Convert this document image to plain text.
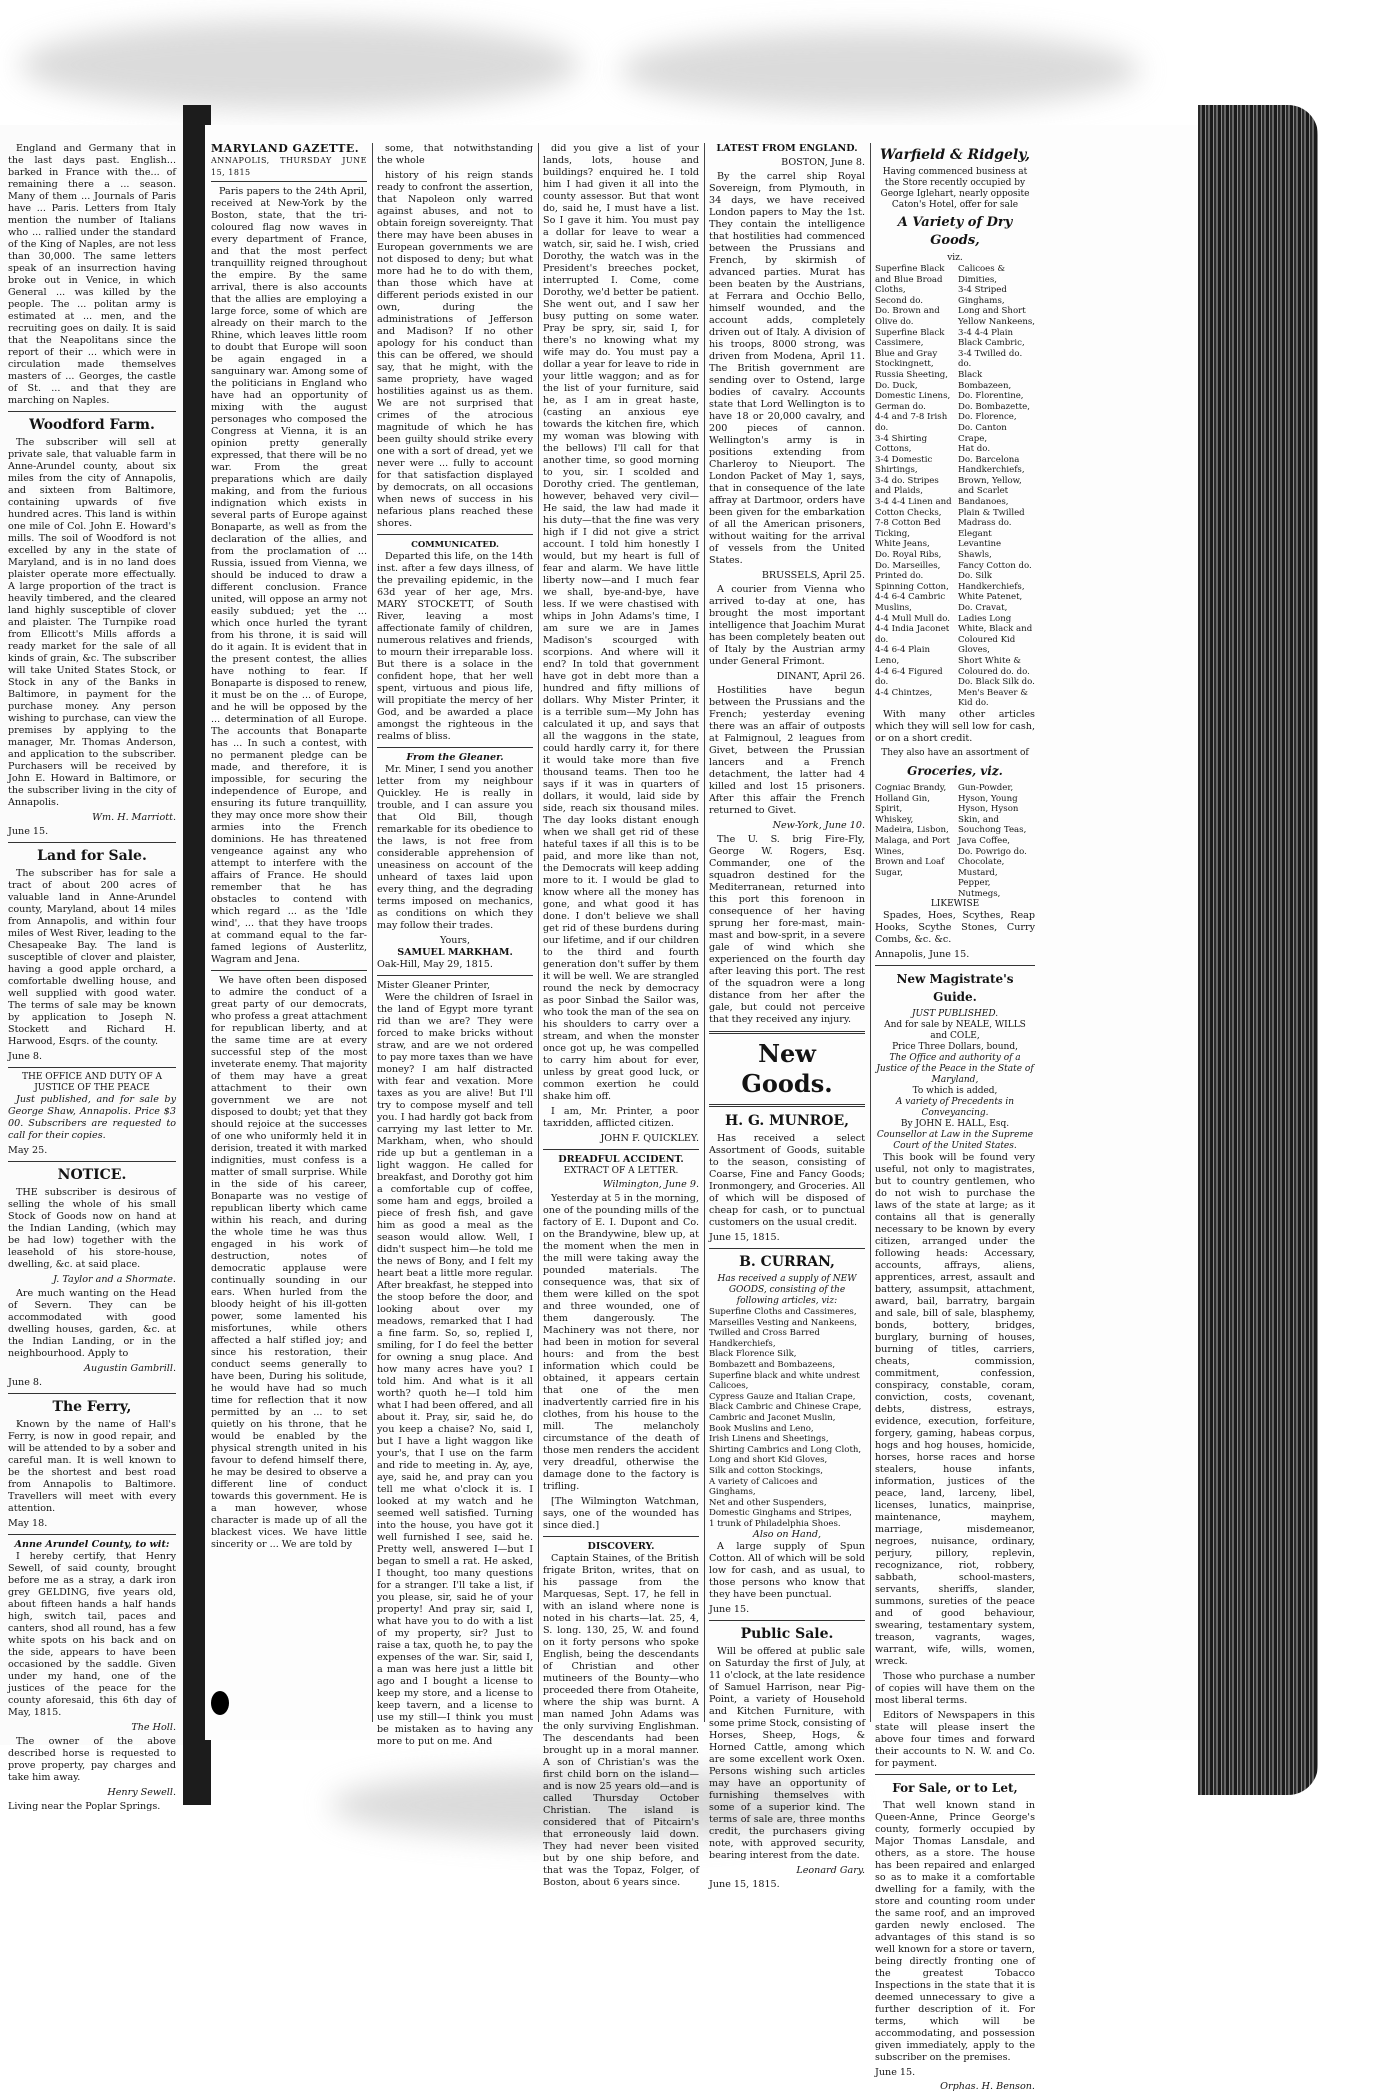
England and Germany that in the last days past. English... barked in France with the... of remaining there a ... season. Many of them ... Journals of Paris have ... Paris. Letters from Italy mention the number of Italians who ... rallied under the standard of the King of Naples, are not less than 30,000. The same letters speak of an insurrection having broke out in Venice, in which General ... was killed by the people. The ... politan army is estimated at ... men, and the recruiting goes on daily. It is said that the Neapolitans since the report of their ... which were in circulation made themselves masters of ... Georges, the castle of St. ... and that they are marching on Naples.

Woodford Farm.

The subscriber will sell at private sale, that valuable farm in Anne-Arundel county, about six miles from the city of Annapolis, and sixteen from Baltimore, containing upwards of five hundred acres. This land is within one mile of Col. John E. Howard's mills. The soil of Woodford is not excelled by any in the state of Maryland, and is in no land does plaister operate more effectually. A large proportion of the tract is heavily timbered, and the cleared land highly susceptible of clover and plaister. The Turnpike road from Ellicott's Mills affords a ready market for the sale of all kinds of grain, &c. The subscriber will take United States Stock, or Stock in any of the Banks in Baltimore, in payment for the purchase money. Any person wishing to purchase, can view the premises by applying to the manager, Mr. Thomas Anderson, and application to the subscriber. Purchasers will be received by John E. Howard in Baltimore, or the subscriber living in the city of Annapolis.

Wm. H. Marriott.
June 15.
Land for Sale.

The subscriber has for sale a tract of about 200 acres of valuable land in Anne-Arundel county, Maryland, about 14 miles from Annapolis, and within four miles of West River, leading to the Chesapeake Bay. The land is susceptible of clover and plaister, having a good apple orchard, a comfortable dwelling house, and well supplied with good water. The terms of sale may be known by application to Joseph N. Stockett and Richard H. Harwood, Esqrs. of the county.

June 8.
THE OFFICE AND DUTY OF A JUSTICE OF THE PEACE

Just published, and for sale by George Shaw, Annapolis. Price $3 00. Subscribers are requested to call for their copies.

May 25.
NOTICE.

THE subscriber is desirous of selling the whole of his small Stock of Goods now on hand at the Indian Landing, (which may be had low) together with the leasehold of his store-house, dwelling, &c. at said place.

J. Taylor and a Shormate.

Are much wanting on the Head of Severn. They can be accommodated with good dwelling houses, garden, &c. at the Indian Landing, or in the neighbourhood. Apply to

Augustin Gambrill.
June 8.
The Ferry,

Known by the name of Hall's Ferry, is now in good repair, and will be attended to by a sober and careful man. It is well known to be the shortest and best road from Annapolis to Baltimore. Travellers will meet with every attention.

May 18.
Anne Arundel County, to wit:

I hereby certify, that Henry Sewell, of said county, brought before me as a stray, a dark iron grey GELDING, five years old, about fifteen hands a half hands high, switch tail, paces and canters, shod all round, has a few white spots on his back and on the side, appears to have been occasioned by the saddle. Given under my hand, one of the justices of the peace for the county aforesaid, this 6th day of May, 1815.

The Holl.

The owner of the above described horse is requested to prove property, pay charges and take him away.

Henry Sewell.
Living near the Poplar Springs.
MARYLAND GAZETTE.
ANNAPOLIS, THURSDAY JUNE 15, 1815

Paris papers to the 24th April, received at New-York by the Boston, state, that the tri-coloured flag now waves in every department of France, and that the most perfect tranquillity reigned throughout the empire. By the same arrival, there is also accounts that the allies are employing a large force, some of which are already on their march to the Rhine, which leaves little room to doubt that Europe will soon be again engaged in a sanguinary war. Among some of the politicians in England who have had an opportunity of mixing with the august personages who composed the Congress at Vienna, it is an opinion pretty generally expressed, that there will be no war. From the great preparations which are daily making, and from the furious indignation which exists in several parts of Europe against Bonaparte, as well as from the declaration of the allies, and from the proclamation of ... Russia, issued from Vienna, we should be induced to draw a different conclusion. France united, will oppose an army not easily subdued; yet the ... which once hurled the tyrant from his throne, it is said will do it again. It is evident that in the present contest, the allies have nothing to fear. If Bonaparte is disposed to renew, it must be on the ... of Europe, and he will be opposed by the ... determination of all Europe. The accounts that Bonaparte has ... In such a contest, with no permanent pledge can be made, and therefore, it is impossible, for securing the independence of Europe, and ensuring its future tranquillity, they may once more show their armies into the French dominions. He has threatened vengeance against any who attempt to interfere with the affairs of France. He should remember that he has obstacles to contend with which regard ... as the 'Idle wind', ... that they have troops at command equal to the far-famed legions of Austerlitz, Wagram and Jena.

We have often been disposed to admire the conduct of a great party of our democrats, who profess a great attachment for republican liberty, and at the same time are at every successful step of the most inveterate enemy. That majority of them may have a great attachment to their own government we are not disposed to doubt; yet that they should rejoice at the successes of one who uniformly held it in derision, treated it with marked indignities, must confess is a matter of small surprise. While in the side of his career, Bonaparte was no vestige of republican liberty which came within his reach, and during the whole time he was thus engaged in his work of destruction, notes of democratic applause were continually sounding in our ears. When hurled from the bloody height of his ill-gotten power, some lamented his misfortunes, while others affected a half stifled joy; and since his restoration, their conduct seems generally to have been, During his solitude, he would have had so much time for reflection that it now permitted by an ... to set quietly on his throne, that he would be enabled by the physical strength united in his favour to defend himself there, he may be desired to observe a different line of conduct towards this government. He is a man however, whose character is made up of all the blackest vices. We have little sincerity or ... We are told by

some, that notwithstanding the whole

history of his reign stands ready to confront the assertion, that Napoleon only warred against abuses, and not to obtain foreign sovereignty. That there may have been abuses in European governments we are not disposed to deny; but what more had he to do with them, than those which have at different periods existed in our own, during the administrations of Jefferson and Madison? If no other apology for his conduct than this can be offered, we should say, that he might, with the same propriety, have waged hostilities against us as them. We are not surprised that crimes of the atrocious magnitude of which he has been guilty should strike every one with a sort of dread, yet we never were ... fully to account for that satisfaction displayed by democrats, on all occasions when news of success in his nefarious plans reached these shores.

COMMUNICATED.

Departed this life, on the 14th inst. after a few days illness, of the prevailing epidemic, in the 63d year of her age, Mrs. MARY STOCKETT, of South River, leaving a most affectionate family of children, numerous relatives and friends, to mourn their irreparable loss. But there is a solace in the confident hope, that her well spent, virtuous and pious life, will propitiate the mercy of her God, and be awarded a place amongst the righteous in the realms of bliss.

From the Gleaner.

Mr. Miner, I send you another letter from my neighbour Quickley. He is really in trouble, and I can assure you that Old Bill, though remarkable for its obedience to the laws, is not free from considerable apprehension of uneasiness on account of the unheard of taxes laid upon every thing, and the degrading terms imposed on mechanics, as conditions on which they may follow their trades.

Yours,
SAMUEL MARKHAM.
Oak-Hill, May 29, 1815.
Mister Gleaner Printer,

Were the children of Israel in the land of Egypt more tyrant rid than we are? They were forced to make bricks without straw, and are we not ordered to pay more taxes than we have money? I am half distracted with fear and vexation. More taxes as you are alive! But I'll try to compose myself and tell you. I had hardly got back from carrying my last letter to Mr. Markham, when, who should ride up but a gentleman in a light waggon. He called for breakfast, and Dorothy got him a comfortable cup of coffee, some ham and eggs, broiled a piece of fresh fish, and gave him as good a meal as the season would allow. Well, I didn't suspect him—he told me the news of Bony, and I felt my heart beat a little more regular. After breakfast, he stepped into the stoop before the door, and looking about over my meadows, remarked that I had a fine farm. So, so, replied I, smiling, for I do feel the better for owning a snug place. And how many acres have you? I told him. And what is it all worth? quoth he—I told him what I had been offered, and all about it. Pray, sir, said he, do you keep a chaise? No, said I, but I have a light waggon like your's, that I use on the farm and ride to meeting in. Ay, aye, aye, said he, and pray can you tell me what o'clock it is. I looked at my watch and he seemed well satisfied. Turning into the house, you have got it well furnished I see, said he. Pretty well, answered I—but I began to smell a rat. He asked, I thought, too many questions for a stranger. I'll take a list, if you please, sir, said he of your property! And pray sir, said I, what have you to do with a list of my property, sir? Just to raise a tax, quoth he, to pay the expenses of the war. Sir, said I, a man was here just a little bit ago and I bought a license to keep my store, and a license to keep tavern, and a license to use my still—I think you must be mistaken as to having any more to put on me. And

did you give a list of your lands, lots, house and buildings? enquired he. I told him I had given it all into the county assessor. But that wont do, said he, I must have a list. So I gave it him. You must pay a dollar for leave to wear a watch, sir, said he. I wish, cried Dorothy, the watch was in the President's breeches pocket, interrupted I. Come, come Dorothy, we'd better be patient. She went out, and I saw her busy putting on some water. Pray be spry, sir, said I, for there's no knowing what my wife may do. You must pay a dollar a year for leave to ride in your little waggon; and as for the list of your furniture, said he, as I am in great haste, (casting an anxious eye towards the kitchen fire, which my woman was blowing with the bellows) I'll call for that another time, so good morning to you, sir. I scolded and Dorothy cried. The gentleman, however, behaved very civil—He said, the law had made it his duty—that the fine was very high if I did not give a strict account. I told him honestly I would, but my heart is full of fear and alarm. We have little liberty now—and I much fear we shall, bye-and-bye, have less. If we were chastised with whips in John Adams's time, I am sure we are in James Madison's scourged with scorpions. And where will it end? In told that government have got in debt more than a hundred and fifty millions of dollars. Why Mister Printer, it is a terrible sum—My John has calculated it up, and says that all the waggons in the state, could hardly carry it, for there it would take more than five thousand teams. Then too he says if it was in quarters of dollars, it would, laid side by side, reach six thousand miles. The day looks distant enough when we shall get rid of these hateful taxes if all this is to be paid, and more like than not, the Democrats will keep adding more to it. I would be glad to know where all the money has gone, and what good it has done. I don't believe we shall get rid of these burdens during our lifetime, and if our children to the third and fourth generation don't suffer by them it will be well. We are strangled round the neck by democracy as poor Sinbad the Sailor was, who took the man of the sea on his shoulders to carry over a stream, and when the monster once got up, he was compelled to carry him about for ever, unless by great good luck, or common exertion he could shake him off.

I am, Mr. Printer, a poor taxridden, afflicted citizen.

JOHN F. QUICKLEY.
DREADFUL ACCIDENT.
EXTRACT OF A LETTER.
Wilmington, June 9.

Yesterday at 5 in the morning, one of the pounding mills of the factory of E. I. Dupont and Co. on the Brandywine, blew up, at the moment when the men in the mill were taking away the pounded materials. The consequence was, that six of them were killed on the spot and three wounded, one of them dangerously. The Machinery was not there, nor had been in motion for several hours: and from the best information which could be obtained, it appears certain that one of the men inadvertently carried fire in his clothes, from his house to the mill. The melancholy circumstance of the death of those men renders the accident very dreadful, otherwise the damage done to the factory is trifling.

[The Wilmington Watchman, says, one of the wounded has since died.]

DISCOVERY.

Captain Staines, of the British frigate Briton, writes, that on his passage from the Marquesas, Sept. 17, he fell in with an island where none is noted in his charts—lat. 25, 4, S. long. 130, 25, W. and found on it forty persons who spoke English, being the descendants of Christian and other mutineers of the Bounty—who proceeded there from Otaheite, where the ship was burnt. A man named John Adams was the only surviving Englishman. The descendants had been brought up in a moral manner. A son of Christian's was the first child born on the island—and is now 25 years old—and is called Thursday October Christian. The island is considered that of Pitcairn's that erroneously laid down. They had never been visited but by one ship before, and that was the Topaz, Folger, of Boston, about 6 years since.

LATEST FROM ENGLAND.
BOSTON, June 8.

By the carrel ship Royal Sovereign, from Plymouth, in 34 days, we have received London papers to May the 1st. They contain the intelligence that hostilities had commenced between the Prussians and French, by skirmish of advanced parties. Murat has been beaten by the Austrians, at Ferrara and Occhio Bello, himself wounded, and the account adds, completely driven out of Italy. A division of his troops, 8000 strong, was driven from Modena, April 11. The British government are sending over to Ostend, large bodies of cavalry. Accounts state that Lord Wellington is to have 18 or 20,000 cavalry, and 200 pieces of cannon. Wellington's army is in positions extending from Charleroy to Nieuport. The London Packet of May 1, says, that in consequence of the late affray at Dartmoor, orders have been given for the embarkation of all the American prisoners, without waiting for the arrival of vessels from the United States.

BRUSSELS, April 25.

A courier from Vienna who arrived to-day at one, has brought the most important intelligence that Joachim Murat has been completely beaten out of Italy by the Austrian army under General Frimont.

DINANT, April 26.

Hostilities have begun between the Prussians and the French; yesterday evening there was an affair of outposts at Falmignoul, 2 leagues from Givet, between the Prussian lancers and a French detachment, the latter had 4 killed and lost 15 prisoners. After this affair the French returned to Givet.

New-York, June 10.

The U. S. brig Fire-Fly, George W. Rogers, Esq. Commander, one of the squadron destined for the Mediterranean, returned into this port this forenoon in consequence of her having sprung her fore-mast, main-mast and bow-sprit, in a severe gale of wind which she experienced on the fourth day after leaving this port. The rest of the squadron were a long distance from her after the gale, but could not perceive that they received any injury.

New Goods.
H. G. MUNROE,

Has received a select Assortment of Goods, suitable to the season, consisting of Coarse, Fine and Fancy Goods; Ironmongery, and Groceries. All of which will be disposed of cheap for cash, or to punctual customers on the usual credit.

June 15, 1815.
B. CURRAN,
Has received a supply of NEW GOODS, consisting of the following articles, viz:
Superfine Cloths and Cassimeres,
Marseilles Vesting and Nankeens,
Twilled and Cross Barred Handkerchiefs,
Black Florence Silk,
Bombazett and Bombazeens,
Superfine black and white undrest Calicoes,
Cypress Gauze and Italian Crape,
Black Cambric and Chinese Crape,
Cambric and Jaconet Muslin,
Book Muslins and Leno,
Irish Linens and Sheetings,
Shirting Cambrics and Long Cloth,
Long and short Kid Gloves,
Silk and cotton Stockings,
A variety of Calicoes and Ginghams,
Net and other Suspenders,
Domestic Ginghams and Stripes,
1 trunk of Philadelphia Shoes.
Also on Hand,

A large supply of Spun Cotton. All of which will be sold low for cash, and as usual, to those persons who know that they have been punctual.

June 15.
Public Sale.

Will be offered at public sale on Saturday the first of July, at 11 o'clock, at the late residence of Samuel Harrison, near Pig-Point, a variety of Household and Kitchen Furniture, with some prime Stock, consisting of Horses, Sheep, Hogs, & Horned Cattle, among which are some excellent work Oxen. Persons wishing such articles may have an opportunity of furnishing themselves with some of a superior kind. The terms of sale are, three months credit, the purchasers giving note, with approved security, bearing interest from the date.

Leonard Gary.
June 15, 1815.
Warfield & Ridgely,
Having commenced business at the Store recently occupied by George Iglehart, nearly opposite Caton's Hotel, offer for sale
A Variety of Dry Goods,
viz.
Superfine Black and Blue Broad Cloths,
Second do.
Do. Brown and Olive do.
Superfine Black Cassimere,
Blue and Gray Stockingnett,
Russia Sheeting,
Do. Duck,
Domestic Linens,
German do.
4-4 and 7-8 Irish do.
3-4 Shirting Cottons,
3-4 Domestic Shirtings,
3-4 do. Stripes and Plaids,
3-4 4-4 Linen and Cotton Checks,
7-8 Cotton Bed Ticking,
White Jeans,
Do. Royal Ribs,
Do. Marseilles,
Printed do.
Spinning Cotton,
4-4 6-4 Cambric Muslins,
4-4 Mull Mull do.
4-4 India Jaconet do.
4-4 6-4 Plain Leno,
4-4 6-4 Figured do.
4-4 Chintzes,
Calicoes & Dimities,
3-4 Striped Ginghams,
Long and Short Yellow Nankeens,
3-4 4-4 Plain Black Cambric,
3-4 Twilled do. do.
Black Bombazeen,
Do. Florentine,
Do. Bombazette,
Do. Florence,
Do. Canton Crape,
Hat do.
Do. Barcelona Handkerchiefs,
Brown, Yellow, and Scarlet Bandanoes,
Plain & Twilled Madrass do.
Elegant Levantine Shawls,
Fancy Cotton do.
Do. Silk Handkerchiefs,
White Patenet,
Do. Cravat,
Ladies Long White, Black and Coloured Kid Gloves,
Short White & Coloured do. do.
Do. Black Silk do.
Men's Beaver & Kid do.

With many other articles which they will sell low for cash, or on a short credit.

They also have an assortment of
Groceries, viz.
Cogniac Brandy,
Holland Gin,
Spirit,
Whiskey,
Madeira, Lisbon,
Malaga, and Port Wines,
Brown and Loaf Sugar,
Gun-Powder,
Hyson, Young Hyson, Hyson Skin, and Souchong Teas,
Java Coffee,
Do. Powrigo do.
Chocolate,
Mustard,
Pepper,
Nutmegs,
LIKEWISE

Spades, Hoes, Scythes, Reap Hooks, Scythe Stones, Curry Combs, &c. &c.

Annapolis, June 15.
New Magistrate's Guide.
JUST PUBLISHED.
And for sale by NEALE, WILLS and COLE,
Price Three Dollars, bound,
The Office and authority of a Justice of the Peace in the State of Maryland,
To which is added,
A variety of Precedents in Conveyancing.
By JOHN E. HALL, Esq.
Counsellor at Law in the Supreme Court of the United States.

This book will be found very useful, not only to magistrates, but to country gentlemen, who do not wish to purchase the laws of the state at large; as it contains all that is generally necessary to be known by every citizen, arranged under the following heads: Accessary, accounts, affrays, aliens, apprentices, arrest, assault and battery, assumpsit, attachment, award, bail, barratry, bargain and sale, bill of sale, blasphemy, bonds, bottery, bridges, burglary, burning of houses, burning of titles, carriers, cheats, commission, commitment, confession, conspiracy, constable, coram, conviction, costs, covenant, debts, distress, estrays, evidence, execution, forfeiture, forgery, gaming, habeas corpus, hogs and hog houses, homicide, horses, horse races and horse stealers, house infants, information, justices of the peace, land, larceny, libel, licenses, lunatics, mainprise, maintenance, mayhem, marriage, misdemeanor, negroes, nuisance, ordinary, perjury, pillory, replevin, recognizance, riot, robbery, sabbath, school-masters, servants, sheriffs, slander, summons, sureties of the peace and of good behaviour, swearing, testamentary system, treason, vagrants, wages, warrant, wife, wills, women, wreck.

Those who purchase a number of copies will have them on the most liberal terms.

Editors of Newspapers in this state will please insert the above four times and forward their accounts to N. W. and Co. for payment.

For Sale, or to Let,

That well known stand in Queen-Anne, Prince George's county, formerly occupied by Major Thomas Lansdale, and others, as a store. The house has been repaired and enlarged so as to make it a comfortable dwelling for a family, with the store and counting room under the same roof, and an improved garden newly enclosed. The advantages of this stand is so well known for a store or tavern, being directly fronting one of the greatest Tobacco Inspections in the state that it is deemed unnecessary to give a further description of it. For terms, which will be accommodating, and possession given immediately, apply to the subscriber on the premises.

June 15.
Orphas. H. Benson.
